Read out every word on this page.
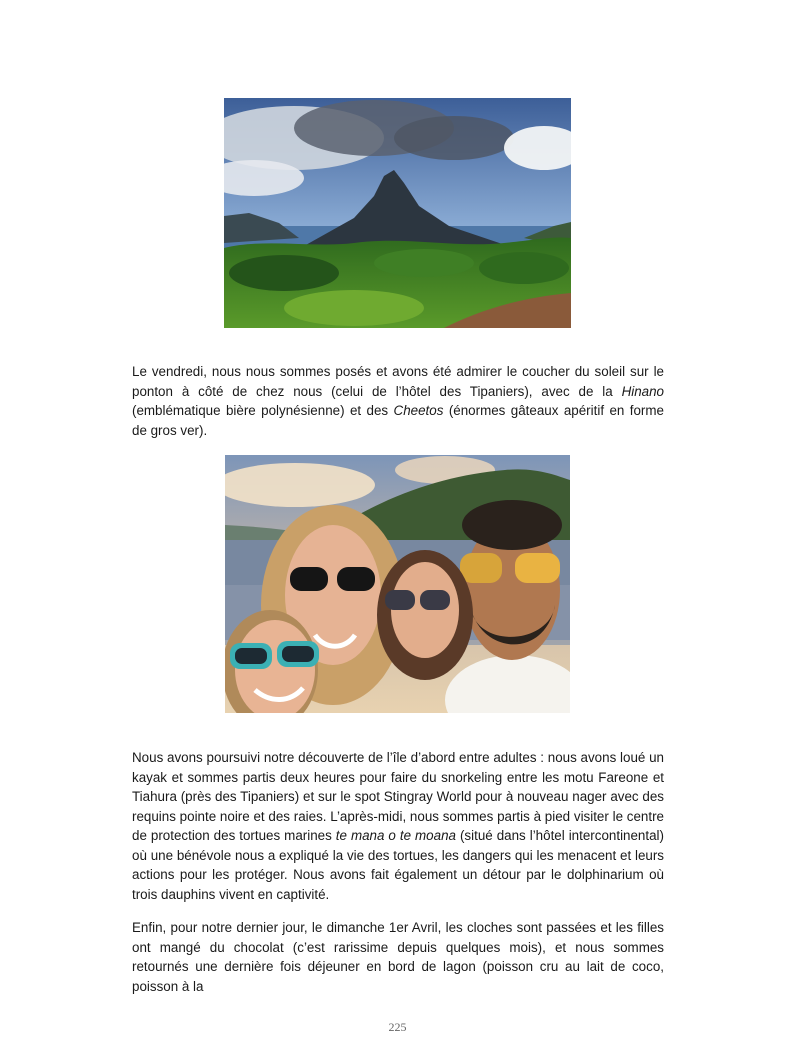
Le vendredi, nous nous sommes posés et avons été admirer le coucher du soleil sur le ponton à côté de chez nous (celui de l’hôtel des Tipaniers), avec de la Hinano (emblématique bière polynésienne) et des Cheetos (énormes gâteaux apéritif en forme de gros ver).

Nous avons poursuivi notre découverte de l’île d’abord entre adultes : nous avons loué un kayak et sommes partis deux heures pour faire du snorkeling entre les motu Fareone et Tiahura (près des Tipaniers) et sur le spot Stingray World pour à nouveau nager avec des requins pointe noire et des raies. L’après-midi, nous sommes partis à pied visiter le centre de protection des tortues marines te mana o te moana (situé dans l’hôtel intercontinental) où une bénévole nous a expliqué la vie des tortues, les dangers qui les menacent et leurs actions pour les protéger. Nous avons fait également un détour par le dolphinarium où trois dauphins vivent en captivité.

Enfin, pour notre dernier jour, le dimanche 1er Avril, les cloches sont passées et les filles ont mangé du chocolat (c’est rarissime depuis quelques mois), et nous sommes retournés une dernière fois déjeuner en bord de lagon (poisson cru au lait de coco, poisson à la

225
